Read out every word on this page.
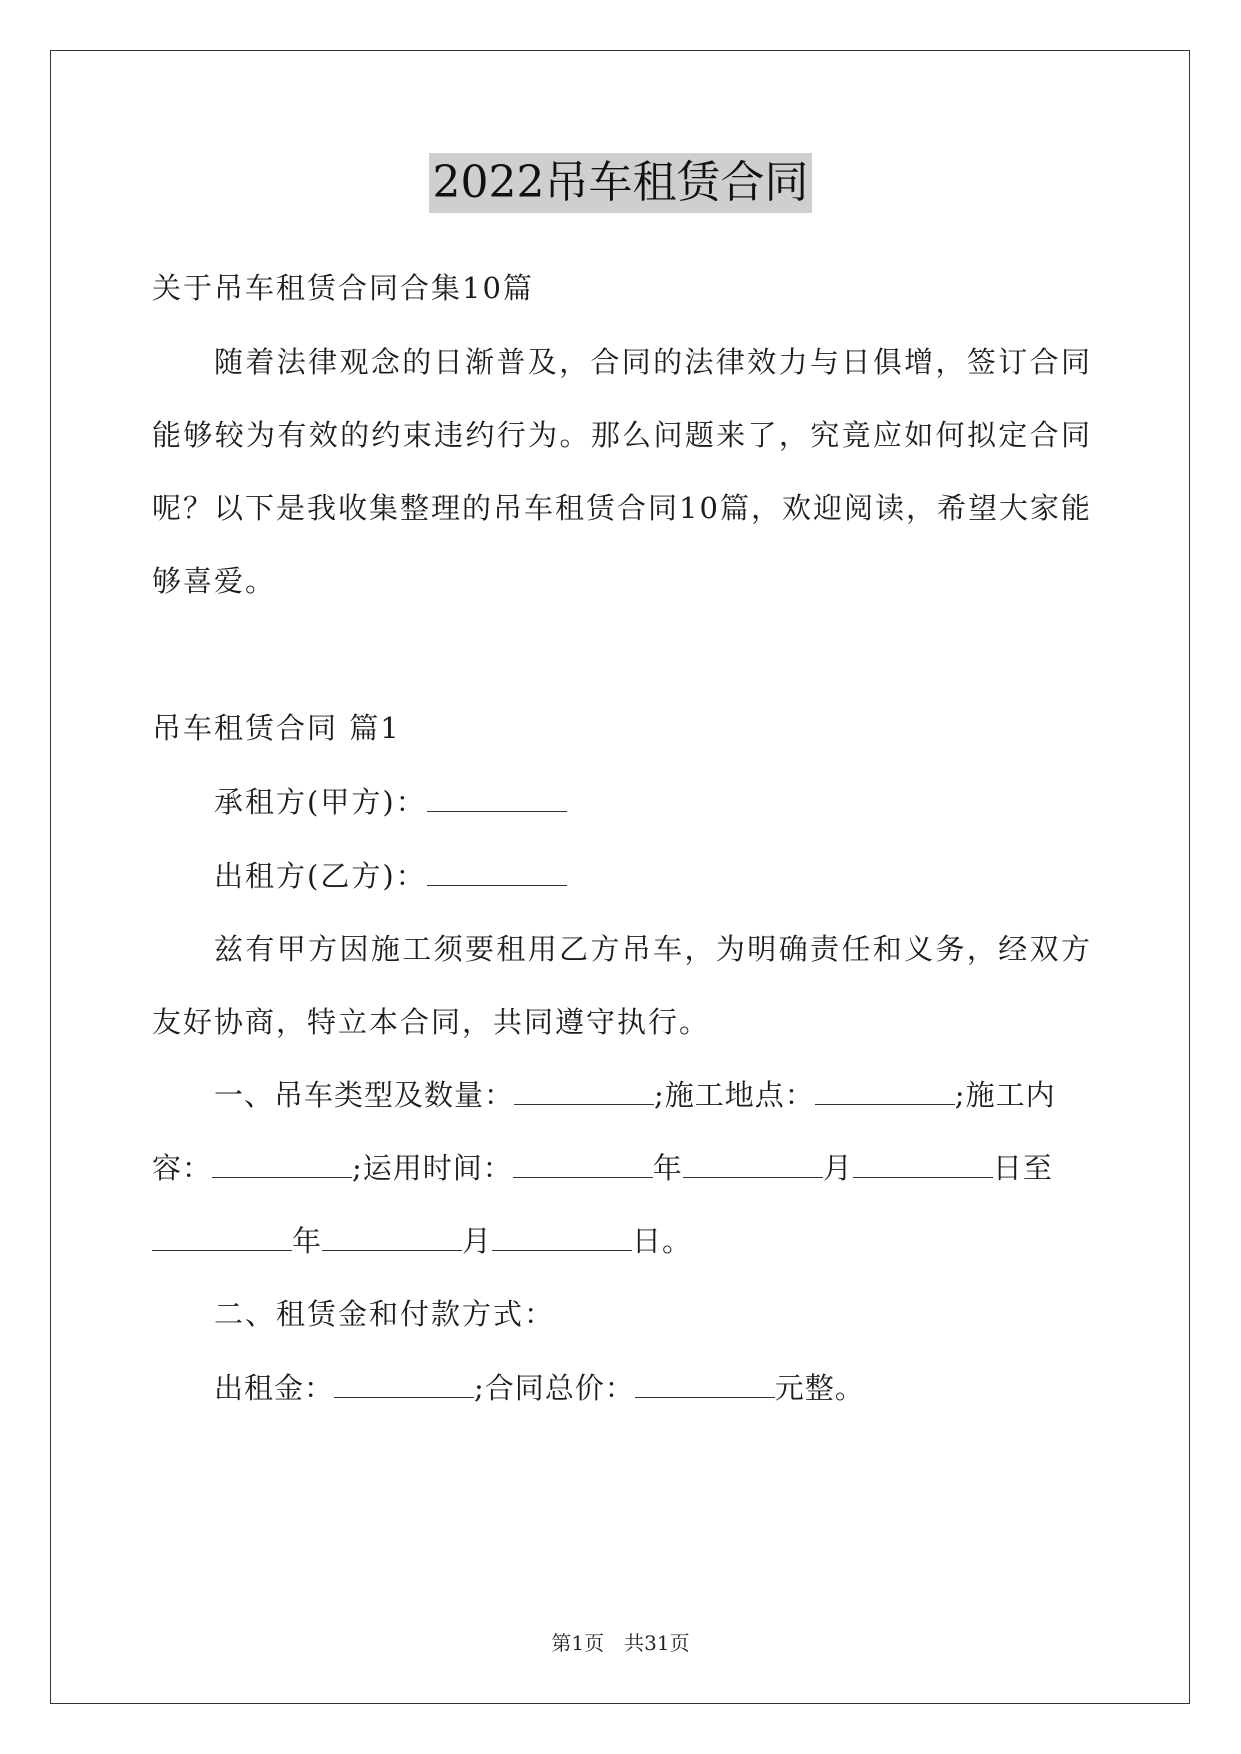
2022吊车租赁合同
关于吊车租赁合同合集10篇
随着法律观念的日渐普及，合同的法律效力与日俱增，签订合同
能够较为有效的约束违约行为。那么问题来了，究竟应如何拟定合同
呢？以下是我收集整理的吊车租赁合同10篇，欢迎阅读，希望大家能
够喜爱。
吊车租赁合同 篇1
承租方(甲方)：
出租方(乙方)：
兹有甲方因施工须要租用乙方吊车，为明确责任和义务，经双方
友好协商，特立本合同，共同遵守执行。
一、吊车类型及数量：	;施工地点：	;施工内
容：	;运用时间：	年	月	日至
年	月	日。
二、租赁金和付款方式：
出租金：	;合同总价：	元整。
第1页　共31页
